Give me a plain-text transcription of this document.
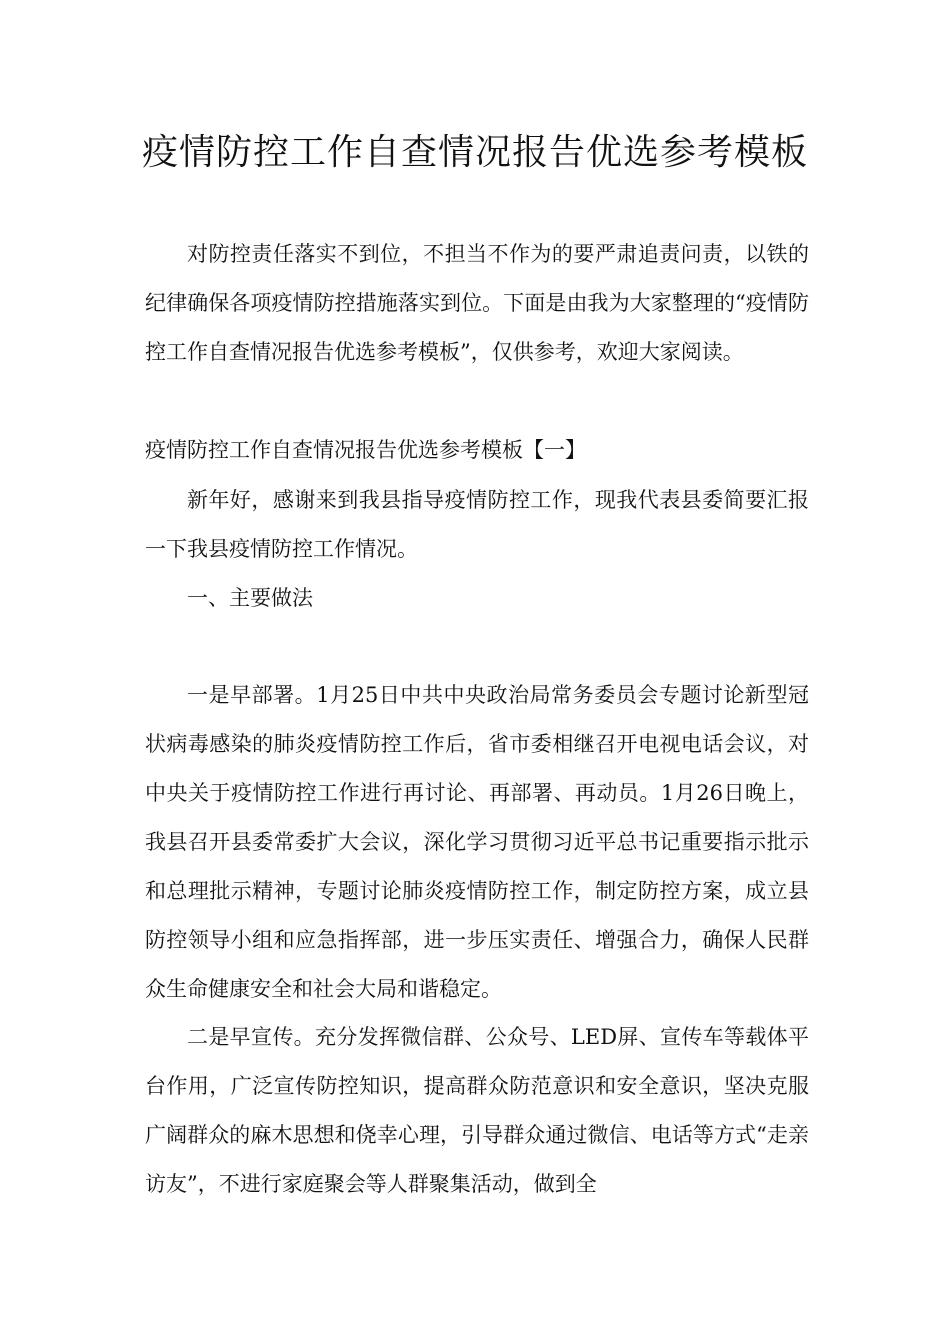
疫情防控工作自查情况报告优选参考模板

对防控责任落实不到位，不担当不作为的要严肃追责问责，以铁的纪律确保各项疫情防控措施落实到位。下面是由我为大家整理的“疫情防控工作自查情况报告优选参考模板”，仅供参考，欢迎大家阅读。

疫情防控工作自查情况报告优选参考模板【一】

新年好，感谢来到我县指导疫情防控工作，现我代表县委简要汇报一下我县疫情防控工作情况。

一、主要做法

一是早部署。1月25日中共中央政治局常务委员会专题讨论新型冠状病毒感染的肺炎疫情防控工作后，省市委相继召开电视电话会议，对中央关于疫情防控工作进行再讨论、再部署、再动员。1月26日晚上，我县召开县委常委扩大会议，深化学习贯彻习近平总书记重要指示批示和总理批示精神，专题讨论肺炎疫情防控工作，制定防控方案，成立县防控领导小组和应急指挥部，进一步压实责任、增强合力，确保人民群众生命健康安全和社会大局和谐稳定。

二是早宣传。充分发挥微信群、公众号、LED屏、宣传车等载体平台作用，广泛宣传防控知识，提高群众防范意识和安全意识，坚决克服广阔群众的麻木思想和侥幸心理，引导群众通过微信、电话等方式“走亲访友”，不进行家庭聚会等人群聚集活动，做到全
